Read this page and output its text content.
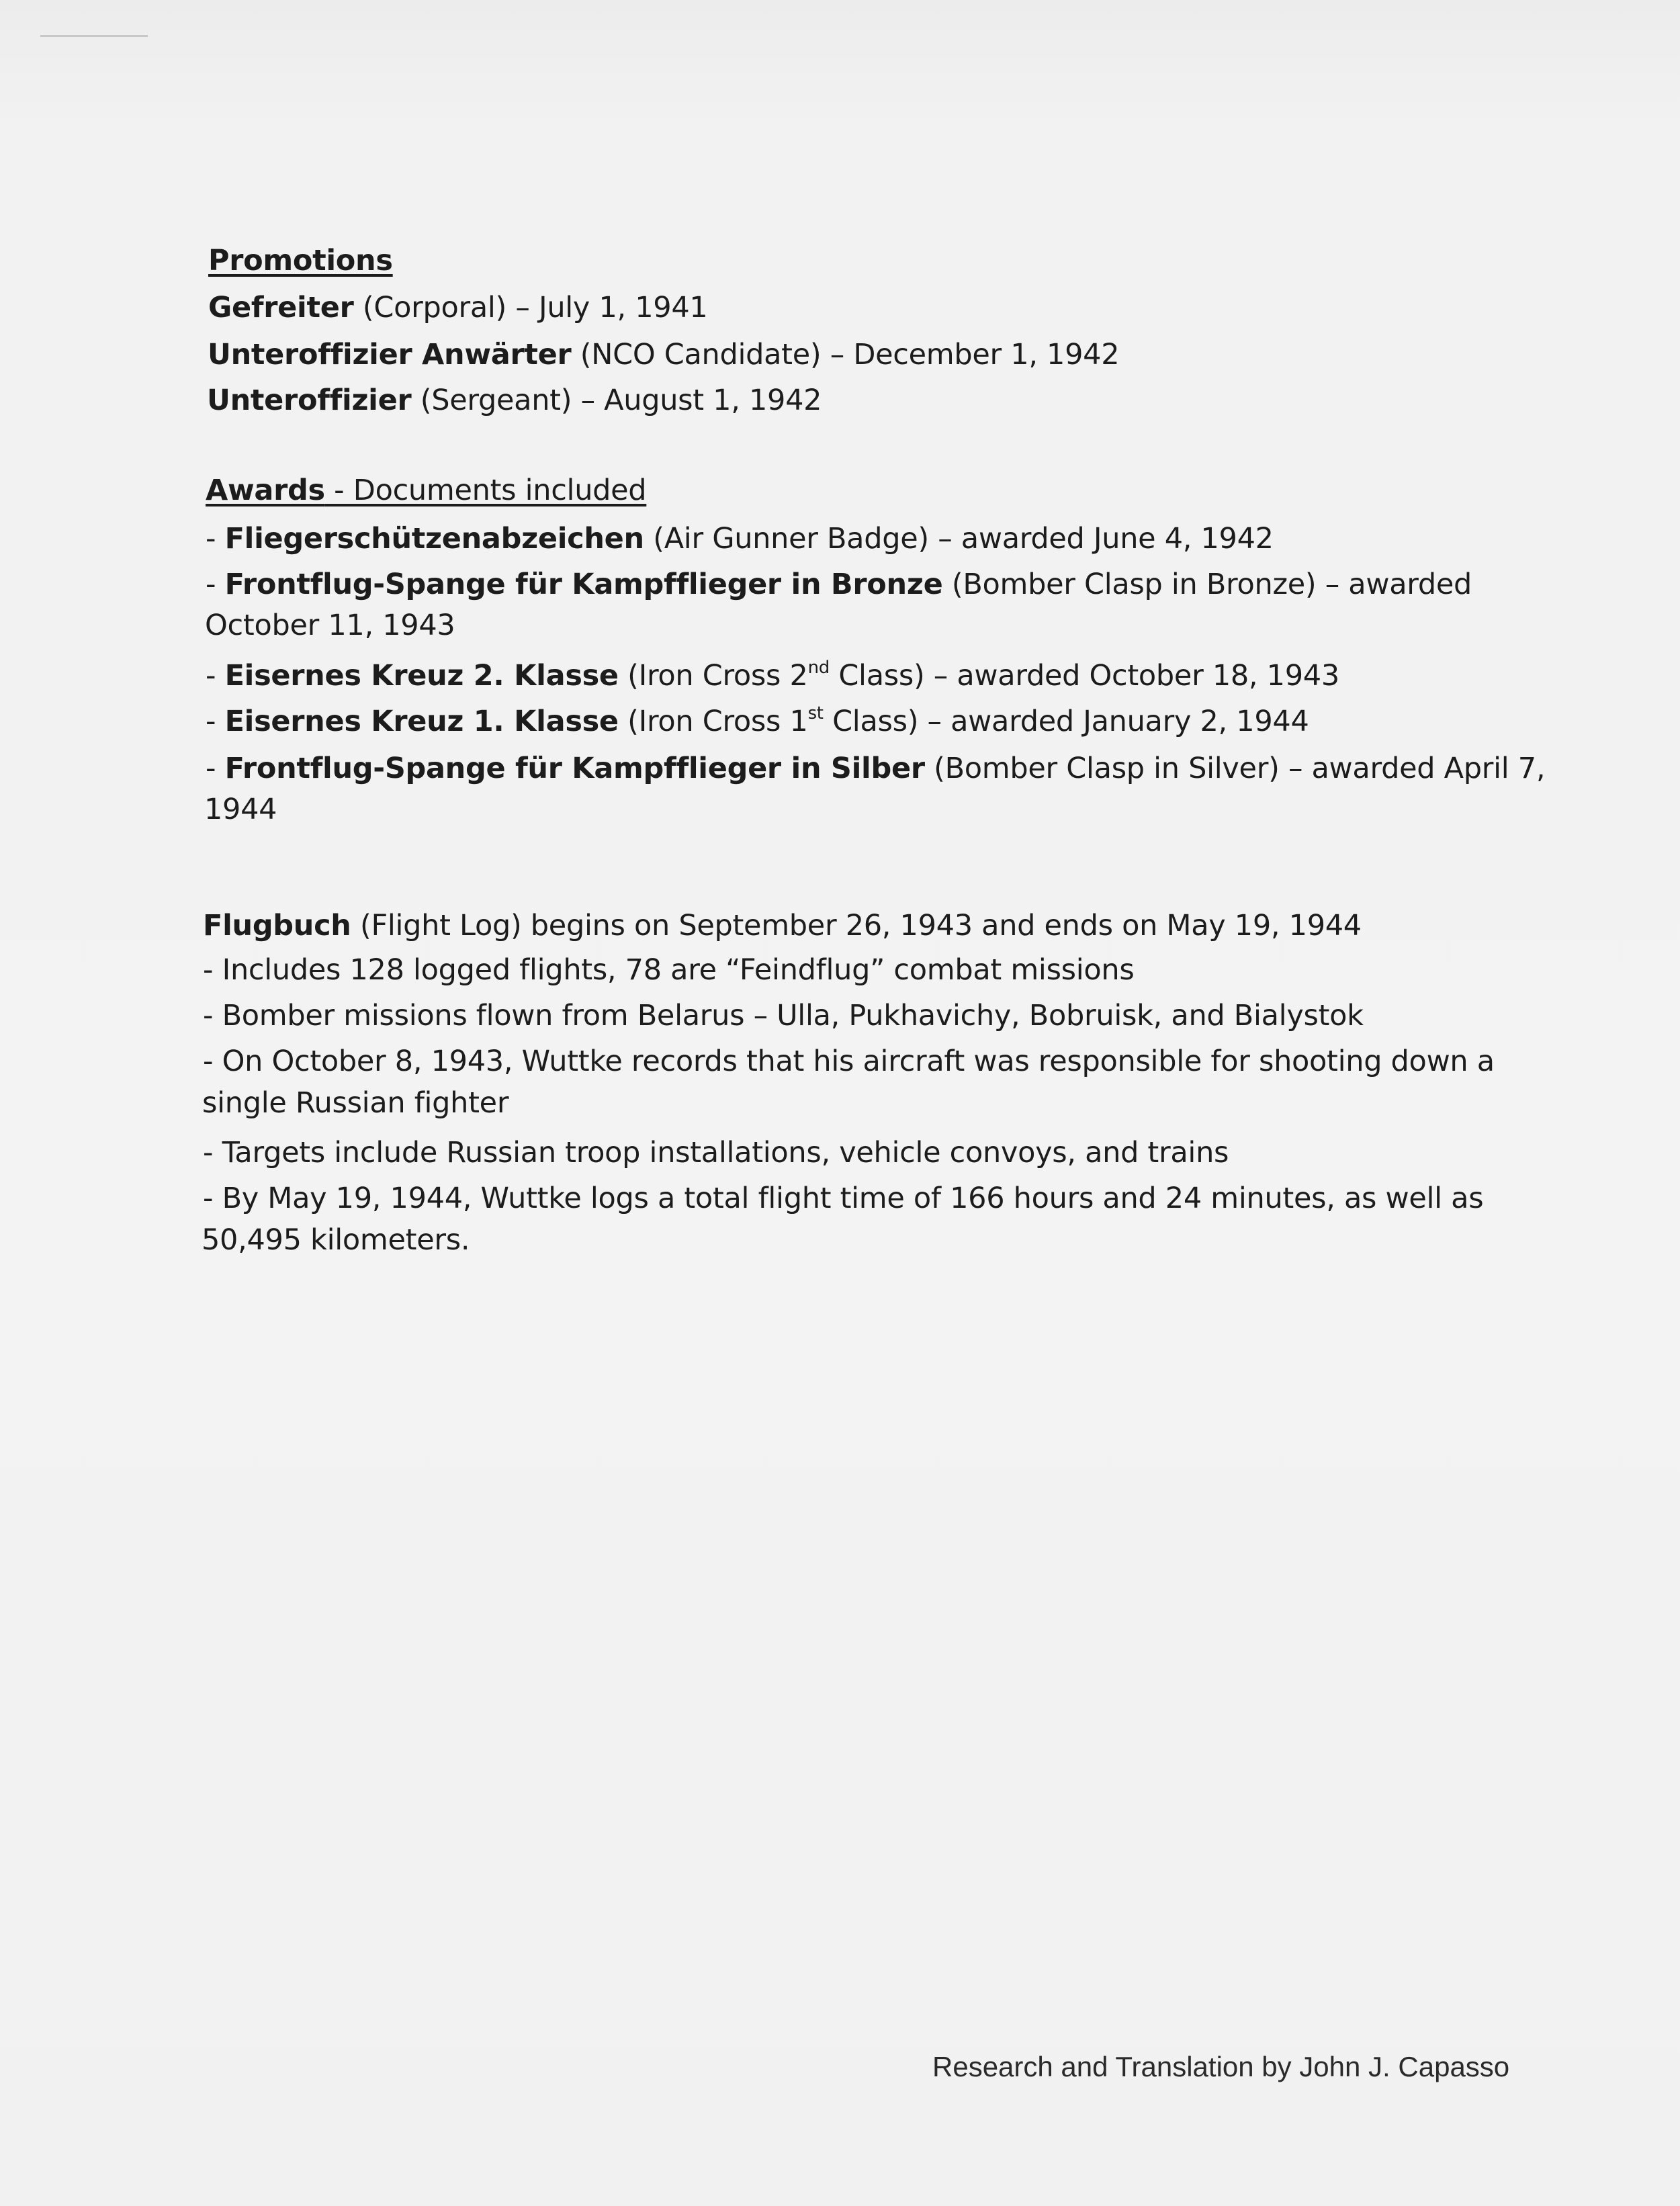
Promotions
Gefreiter (Corporal) – July 1, 1941
Unteroffizier Anwärter (NCO Candidate) – December 1, 1942
Unteroffizier (Sergeant) – August 1, 1942
Awards - Documents included
- Fliegerschützenabzeichen (Air Gunner Badge) – awarded June 4, 1942
- Frontflug-Spange für Kampfflieger in Bronze (Bomber Clasp in Bronze) – awarded
October 11, 1943
- Eisernes Kreuz 2. Klasse (Iron Cross 2nd Class) – awarded October 18, 1943
- Eisernes Kreuz 1. Klasse (Iron Cross 1st Class) – awarded January 2, 1944
- Frontflug-Spange für Kampfflieger in Silber (Bomber Clasp in Silver) – awarded April 7,
1944
Flugbuch (Flight Log) begins on September 26, 1943 and ends on May 19, 1944
- Includes 128 logged flights, 78 are “Feindflug” combat missions
- Bomber missions flown from Belarus – Ulla, Pukhavichy, Bobruisk, and Bialystok
- On October 8, 1943, Wuttke records that his aircraft was responsible for shooting down a
single Russian fighter
- Targets include Russian troop installations, vehicle convoys, and trains
- By May 19, 1944, Wuttke logs a total flight time of 166 hours and 24 minutes, as well as
50,495 kilometers.
Research and Translation by John J. Capasso
